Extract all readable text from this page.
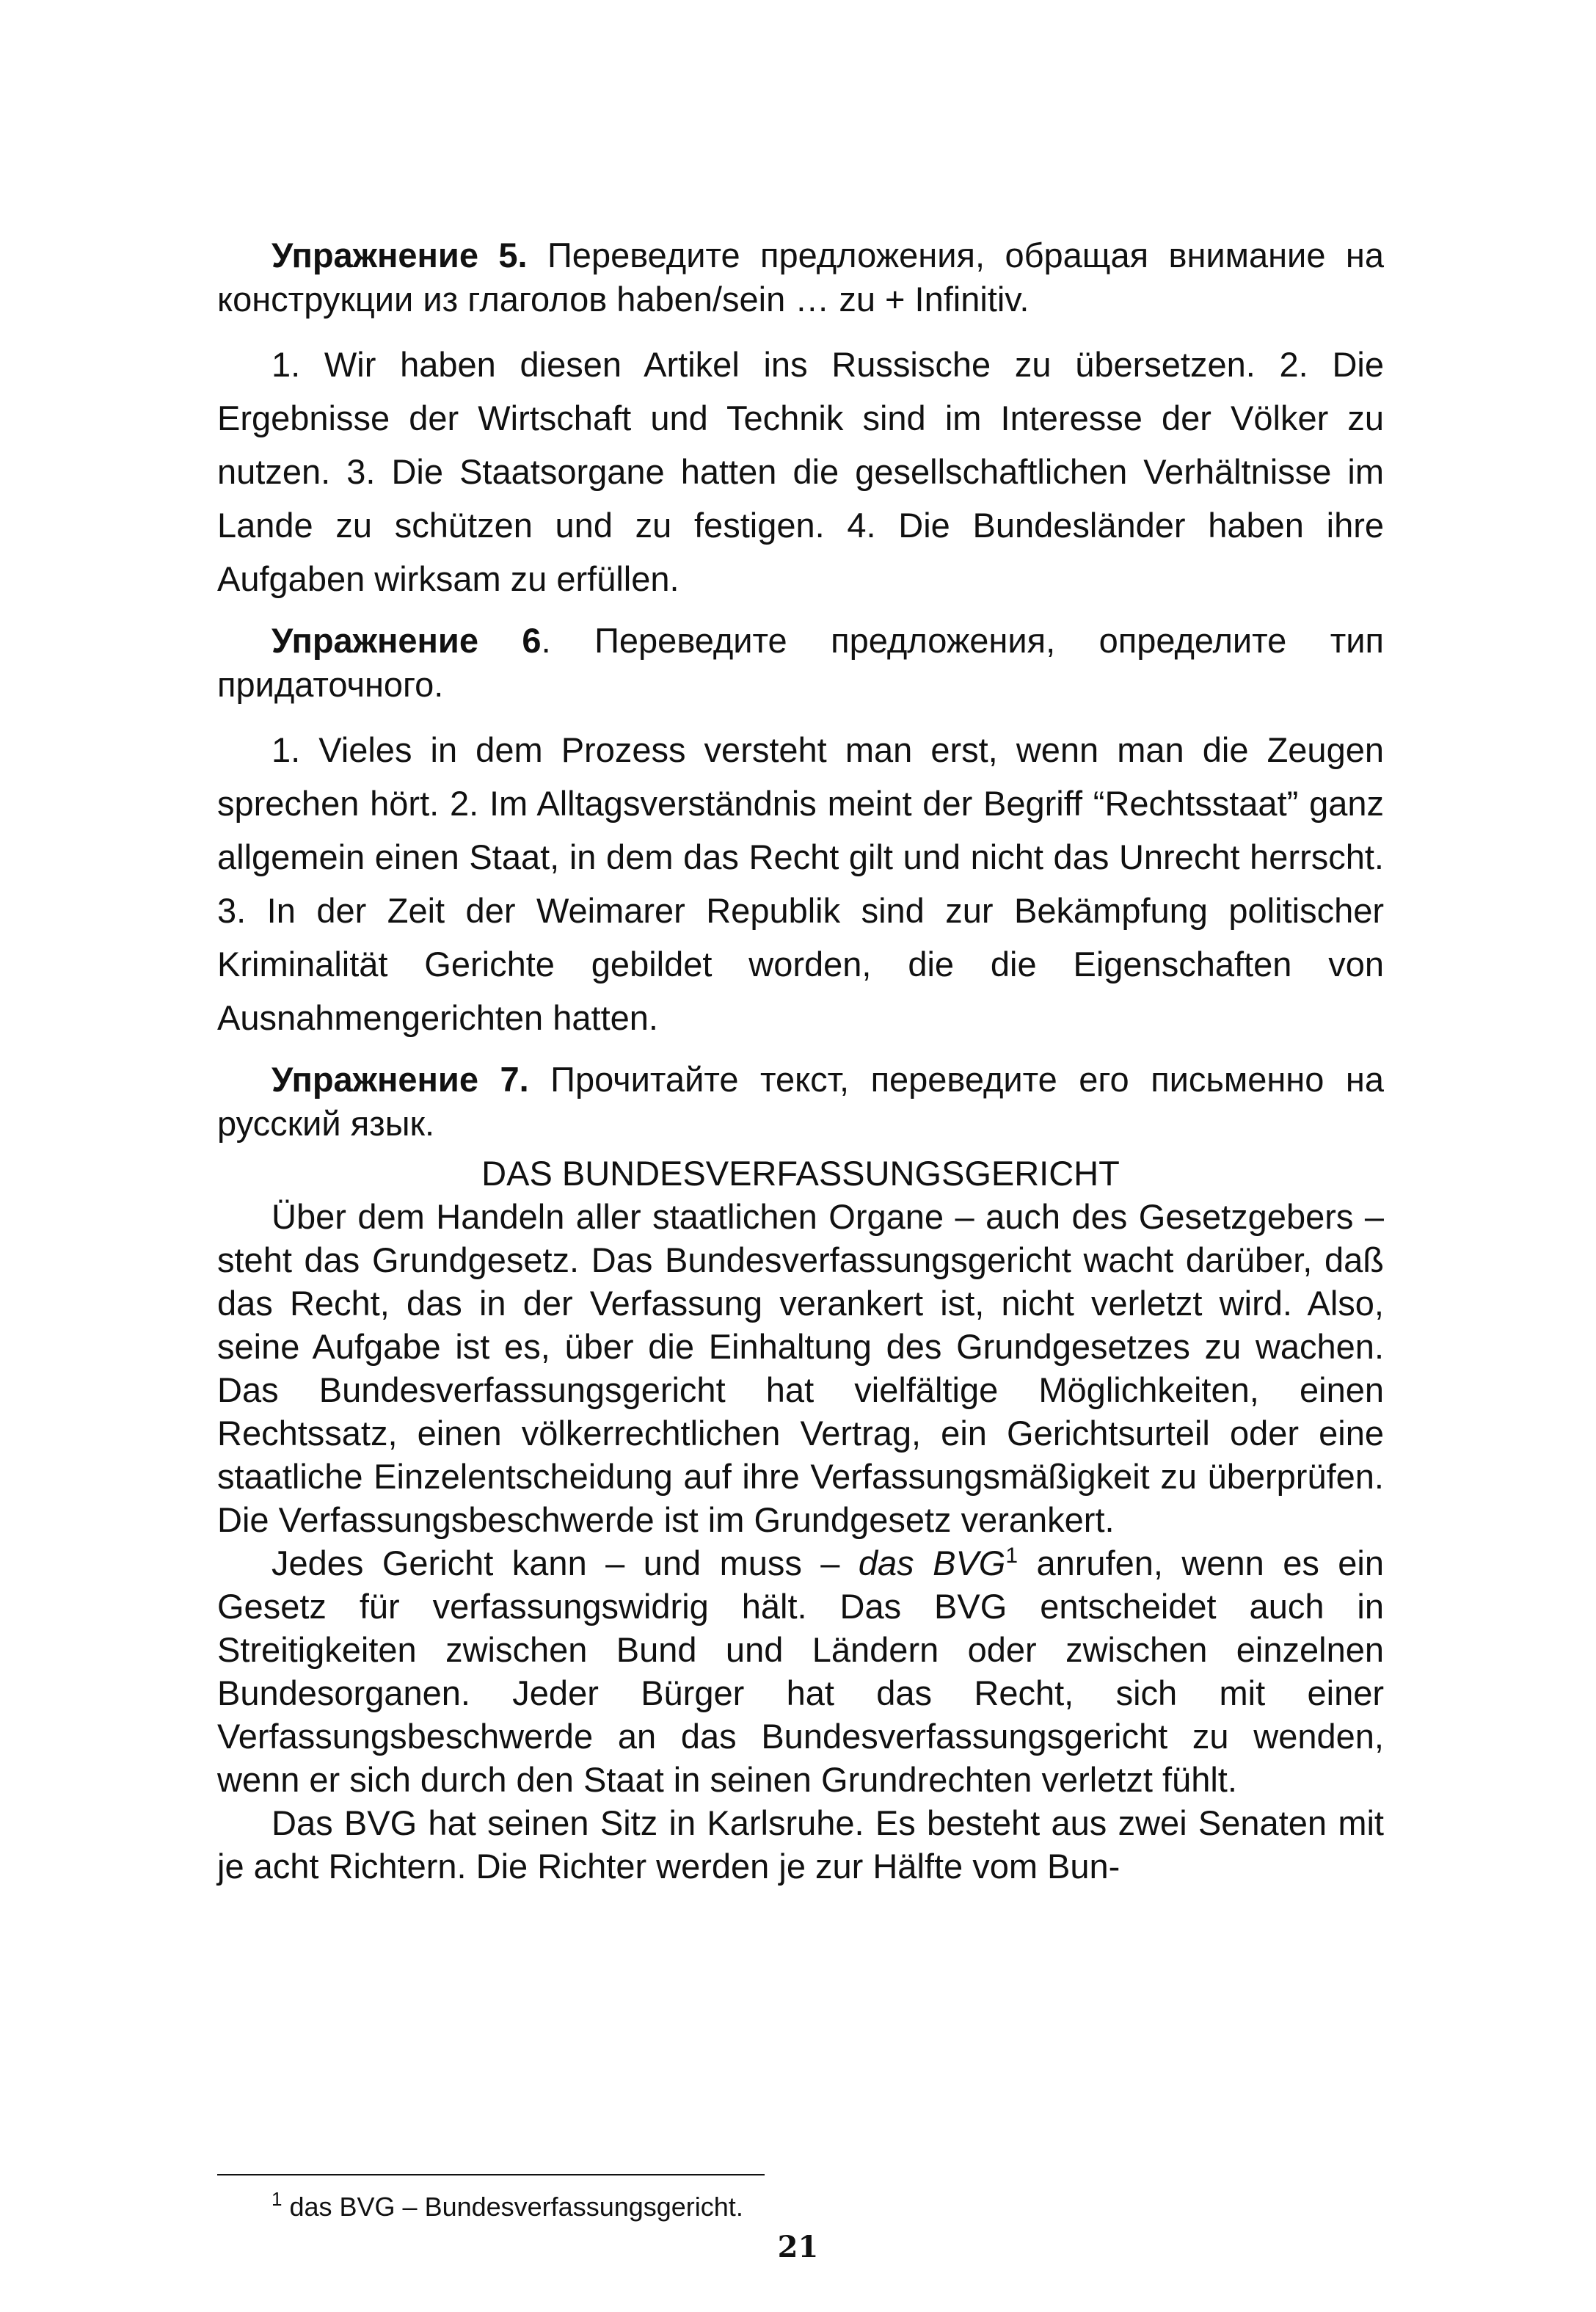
Упражнение 5. Переведите предложения, обращая внимание на конструкции из глаголов haben/sein … zu + Infinitiv.

1. Wir haben diesen Artikel ins Russische zu übersetzen. 2. Die Ergebnisse der Wirtschaft und Technik sind im Interesse der Völker zu nutzen. 3. Die Staatsorgane hatten die gesellschaftlichen Verhältnisse im Lande zu schützen und zu festigen. 4. Die Bundesländer haben ihre Aufgaben wirksam zu erfüllen.

Упражнение 6. Переведите предложения, определите тип придаточного.

1. Vieles in dem Prozess versteht man erst, wenn man die Zeugen sprechen hört. 2. Im Alltagsverständnis meint der Begriff “Rechtsstaat” ganz allgemein einen Staat, in dem das Recht gilt und nicht das Unrecht herrscht. 3. In der Zeit der Weimarer Republik sind zur Bekämpfung politischer Kriminalität Gerichte gebildet worden, die die Eigenschaften von Ausnahmengerichten hatten.

Упражнение 7. Прочитайте текст, переведите его письменно на русский язык.

DAS BUNDESVERFASSUNGSGERICHT

Über dem Handeln aller staatlichen Organe – auch des Gesetzgebers – steht das Grundgesetz. Das Bundesverfassungsgericht wacht darüber, daß das Recht, das in der Verfassung verankert ist, nicht verletzt wird. Also, seine Aufgabe ist es, über die Einhaltung des Grundgesetzes zu wachen. Das Bundesverfassungsgericht hat vielfältige Möglichkeiten, einen Rechtssatz, einen völkerrechtlichen Vertrag, ein Gerichtsurteil oder eine staatliche Einzelentscheidung auf ihre Verfassungsmäßigkeit zu überprüfen. Die Verfassungsbeschwerde ist im Grundgesetz verankert.

Jedes Gericht kann – und muss – das BVG$^1$ anrufen, wenn es ein Gesetz für verfassungswidrig hält. Das BVG entscheidet auch in Streitigkeiten zwischen Bund und Ländern oder zwischen einzelnen Bundesorganen. Jeder Bürger hat das Recht, sich mit einer Verfassungsbeschwerde an das Bundesverfassungsgericht zu wenden, wenn er sich durch den Staat in seinen Grundrechten verletzt fühlt.

Das BVG hat seinen Sitz in Karlsruhe. Es besteht aus zwei Senaten mit je acht Richtern. Die Richter werden je zur Hälfte vom Bun-

$^1$ das BVG – Bundesverfassungsgericht.
21
